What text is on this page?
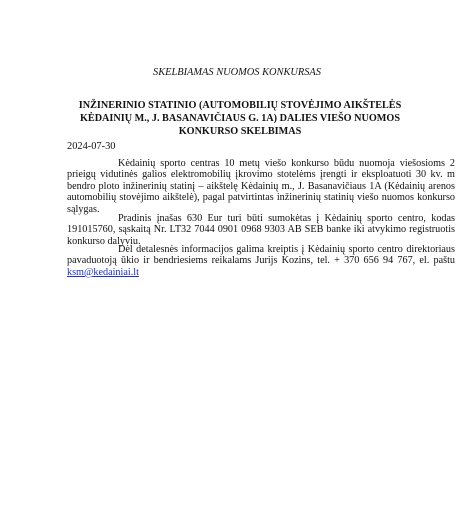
SKELBIAMAS NUOMOS KONKURSAS
INŽINERINIO STATINIO (AUTOMOBILIŲ STOVĖJIMO AIKŠTELĖS KĖDAINIŲ M., J. BASANAVIČIAUS G. 1A) DALIES VIEŠO NUOMOS KONKURSO SKELBIMAS
2024-07-30

Kėdainių sporto centras 10 metų viešo konkurso būdu nuomoja viešosioms 2 prieigų vidutinės galios elektromobilių įkrovimo stotelėms įrengti ir eksploatuoti 30 kv. m bendro ploto inžinerinių statinį – aikštelę Kėdainių m., J. Basanavičiaus 1A (Kėdainių arenos automobilių stovėjimo aikštelė), pagal patvirtintas inžinerinių statinių viešo nuomos konkurso sąlygas.

Pradinis įnašas 630 Eur turi būti sumokėtas į Kėdainių sporto centro, kodas 191015760, sąskaitą Nr. LT32 7044 0901 0968 9303 AB SEB banke iki atvykimo registruotis konkurso dalyviu.

Dėl detalesnės informacijos galima kreiptis į Kėdainių sporto centro direktoriaus pavaduotoją ūkio ir bendriesiems reikalams Jurijs Kozins, tel. + 370 656 94 767, el. paštu ksm@kedainiai.lt
